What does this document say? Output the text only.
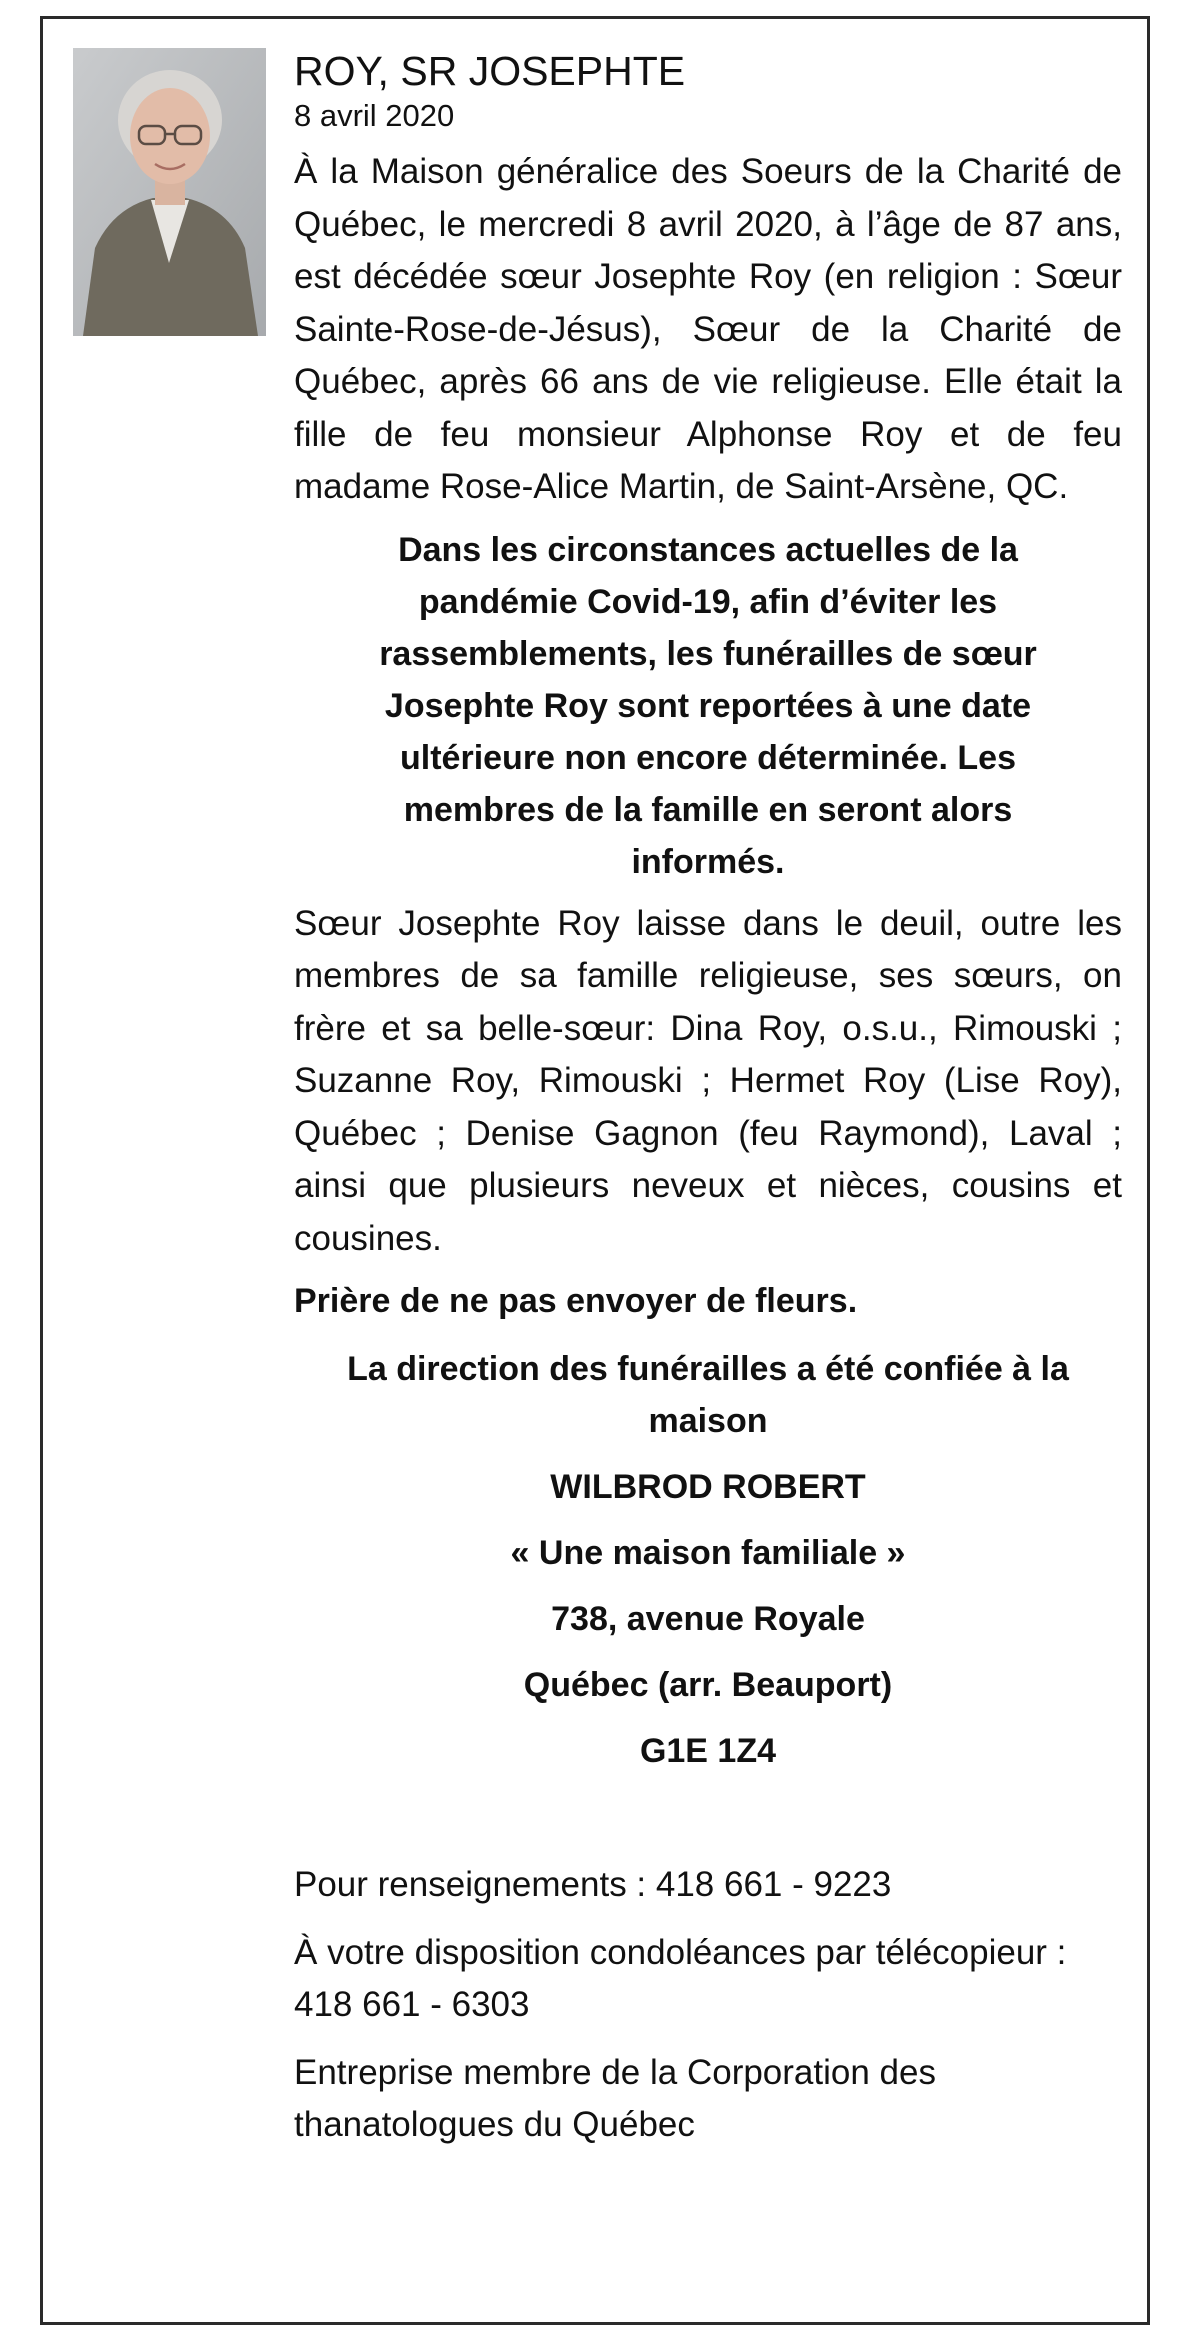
ROY, SR JOSEPHTE

8 avril 2020

À la Maison généralice des Soeurs de la Charité de Québec, le mercredi 8 avril 2020, à l’âge de 87 ans, est décédée sœur Josephte Roy (en religion : Sœur Sainte-Rose-de-Jésus), Sœur de la Charité de Québec, après 66 ans de vie religieuse. Elle était la fille de feu monsieur Alphonse Roy et de feu madame Rose-Alice Martin, de Saint-Arsène, QC.

Dans les circonstances actuelles de la pandémie Covid-19, afin d’éviter les rassemblements, les funérailles de sœur Josephte Roy sont reportées à une date ultérieure non encore déterminée. Les membres de la famille en seront alors informés.

Sœur Josephte Roy laisse dans le deuil, outre les membres de sa famille religieuse, ses sœurs, on frère et sa belle-sœur: Dina Roy, o.s.u., Rimouski ; Suzanne Roy, Rimouski ; Hermet Roy (Lise Roy), Québec ; Denise Gagnon (feu Raymond), Laval ; ainsi que plusieurs neveux et nièces, cousins et cousines.

Prière de ne pas envoyer de fleurs.

La direction des funérailles a été confiée à la maison

WILBROD ROBERT

« Une maison familiale »

738, avenue Royale

Québec (arr. Beauport)

G1E 1Z4

Pour renseignements : 418 661 - 9223

À votre disposition condoléances par télécopieur : 418 661 - 6303

Entreprise membre de la Corporation des thanatologues du Québec
